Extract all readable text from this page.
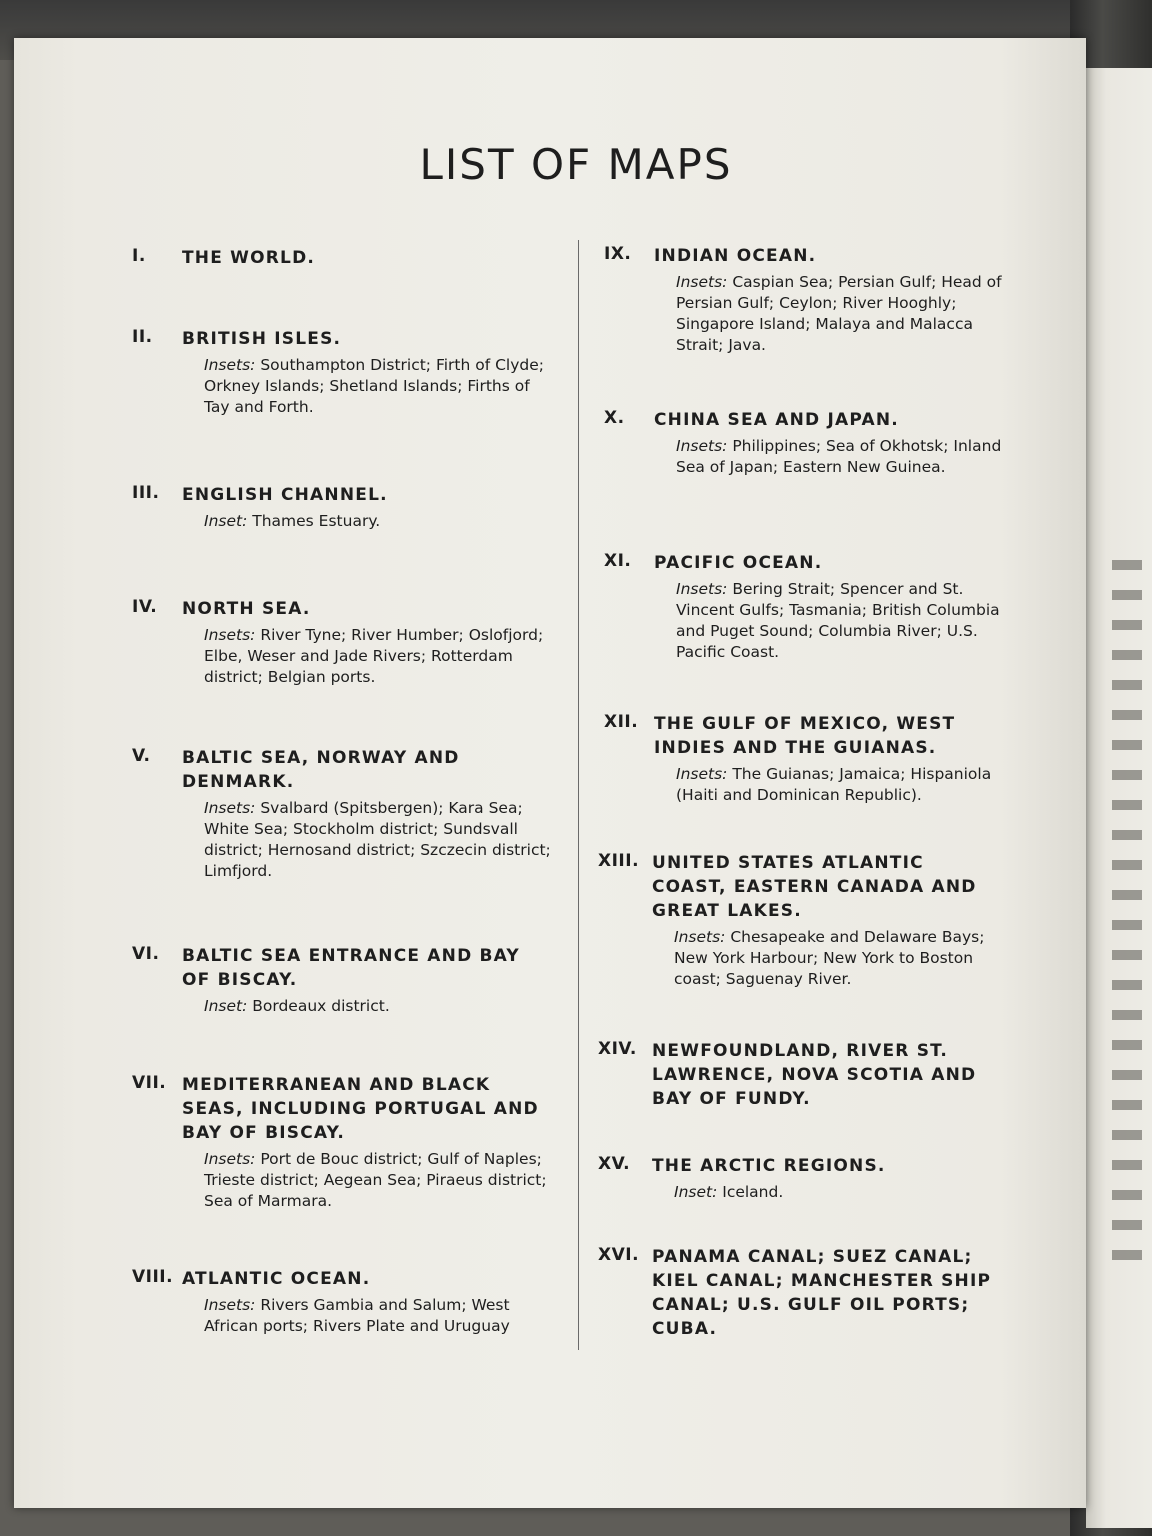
LIST OF MAPS
I. THE WORLD.
II. BRITISH ISLES.
Insets: Southampton District; Firth of Clyde; Orkney Islands; Shetland Islands; Firths of Tay and Forth.
III. ENGLISH CHANNEL.
Inset: Thames Estuary.
IV. NORTH SEA.
Insets: River Tyne; River Humber; Oslofjord; Elbe, Weser and Jade Rivers; Rotterdam district; Belgian ports.
V. BALTIC SEA, NORWAY AND DENMARK.
Insets: Svalbard (Spitsbergen); Kara Sea; White Sea; Stockholm district; Sundsvall district; Hernosand district; Szczecin district; Limfjord.
VI. BALTIC SEA ENTRANCE AND BAY OF BISCAY.
Inset: Bordeaux district.
VII. MEDITERRANEAN AND BLACK SEAS, INCLUDING PORTUGAL AND BAY OF BISCAY.
Insets: Port de Bouc district; Gulf of Naples; Trieste district; Aegean Sea; Piraeus district; Sea of Marmara.
VIII. ATLANTIC OCEAN.
Insets: Rivers Gambia and Salum; West African ports; Rivers Plate and Uruguay
IX. INDIAN OCEAN.
Insets: Caspian Sea; Persian Gulf; Head of Persian Gulf; Ceylon; River Hooghly; Singapore Island; Malaya and Malacca Strait; Java.
X. CHINA SEA AND JAPAN.
Insets: Philippines; Sea of Okhotsk; Inland Sea of Japan; Eastern New Guinea.
XI. PACIFIC OCEAN.
Insets: Bering Strait; Spencer and St. Vincent Gulfs; Tasmania; British Columbia and Puget Sound; Columbia River; U.S. Pacific Coast.
XII. THE GULF OF MEXICO, WEST INDIES AND THE GUIANAS.
Insets: The Guianas; Jamaica; Hispaniola (Haiti and Dominican Republic).
XIII. UNITED STATES ATLANTIC COAST, EASTERN CANADA AND GREAT LAKES.
Insets: Chesapeake and Delaware Bays; New York Harbour; New York to Boston coast; Saguenay River.
XIV. NEWFOUNDLAND, RIVER ST. LAWRENCE, NOVA SCOTIA AND BAY OF FUNDY.
XV. THE ARCTIC REGIONS.
Inset: Iceland.
XVI. PANAMA CANAL; SUEZ CANAL; KIEL CANAL; MANCHESTER SHIP CANAL; U.S. GULF OIL PORTS; CUBA.
